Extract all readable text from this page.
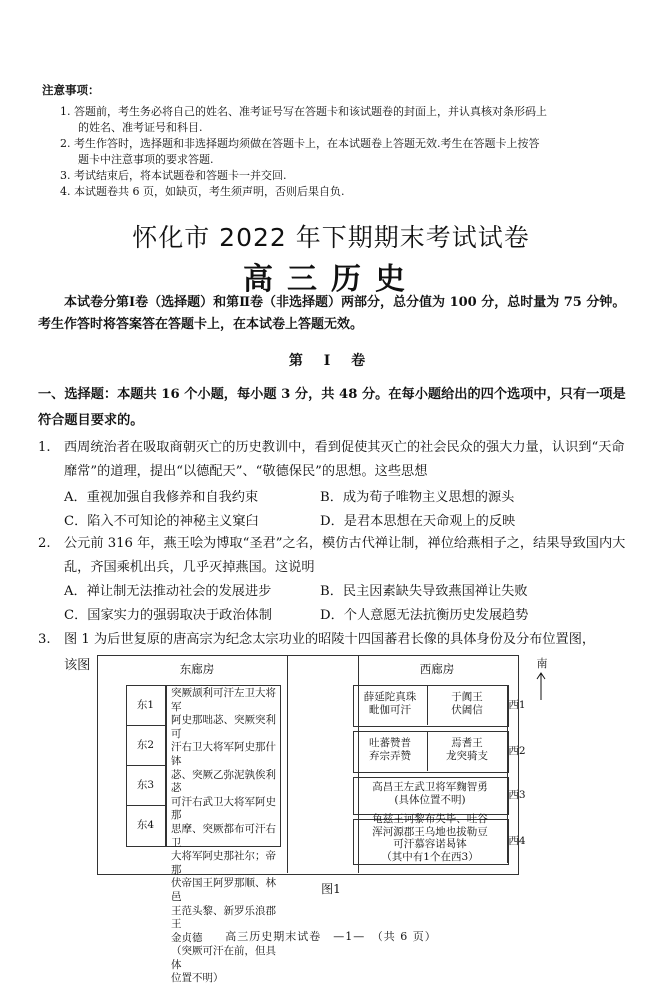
注意事项：
1. 答题前，考生务必将自己的姓名、准考证号写在答题卡和该试题卷的封面上，并认真核对条形码上
的姓名、准考证号和科目.
2. 考生作答时，选择题和非选择题均须做在答题卡上，在本试题卷上答题无效.考生在答题卡上按答
题卡中注意事项的要求答题.
3. 考试结束后，将本试题卷和答题卡一并交回.
4. 本试题卷共 6 页，如缺页，考生须声明，否则后果自负.
怀化市 2022 年下期期末考试试卷
高三历史
本试卷分第Ⅰ卷（选择题）和第Ⅱ卷（非选择题）两部分，总分值为 100 分，总时量为 75 分钟。考生作答时将答案答在答题卡上，在本试卷上答题无效。
第 Ⅰ 卷
一、选择题：本题共 16 个小题，每小题 3 分，共 48 分。在每小题给出的四个选项中，只有一项是符合题目要求的。
1. 西周统治者在吸取商朝灭亡的历史教训中，看到促使其灭亡的社会民众的强大力量，认识到“天命靡常”的道理，提出“以德配天”、“敬德保民”的思想。这些思想
A．重视加强自我修养和自我约束	B．成为荀子唯物主义思想的源头
C．陷入不可知论的神秘主义窠臼	D．是君本思想在天命观上的反映
2. 公元前 316 年，燕王哙为博取“圣君”之名，模仿古代禅让制，禅位给燕相子之，结果导致国内大乱，齐国乘机出兵，几乎灭掉燕国。这说明
A．禅让制无法推动社会的发展进步	B．民主因素缺失导致燕国禅让失败
C．国家实力的强弱取决于政治体制	D．个人意愿无法抗衡历史发展趋势
3. 图 1 为后世复原的唐高宗为纪念太宗功业的昭陵十四国蕃君长像的具体身份及分布位置图，
该图	东廊房	西廊房
东1
东2
东3
东4
突厥颉利可汗左卫大将军
阿史那咄苾、突厥突利可
汗右卫大将军阿史那什钵
苾、突厥乙弥泥孰俟利苾
可汗右武卫大将军阿史那
思摩、突厥都布可汗右卫
大将军阿史那社尔；帝那
伏帝国王阿罗那顺、林邑
王范头黎、新罗乐浪郡王
金贞德
（突厥可汗在前，但具体
位置不明）
薛延陀真珠
毗伽可汗
于阗王
伏阇信
吐蕃赞普
弃宗弄赞
焉耆王
龙突骑支
高昌王左武卫将军麴智勇
(具体位置不明)
龟兹王诃黎布失毕、吐谷
浑河源郡王乌地也拔勒豆
可汗慕容诺曷钵
（其中有1个在西3）
西1
西2
西3
西4
南
图1
高三历史期末试卷　—1—　（共 6 页）
